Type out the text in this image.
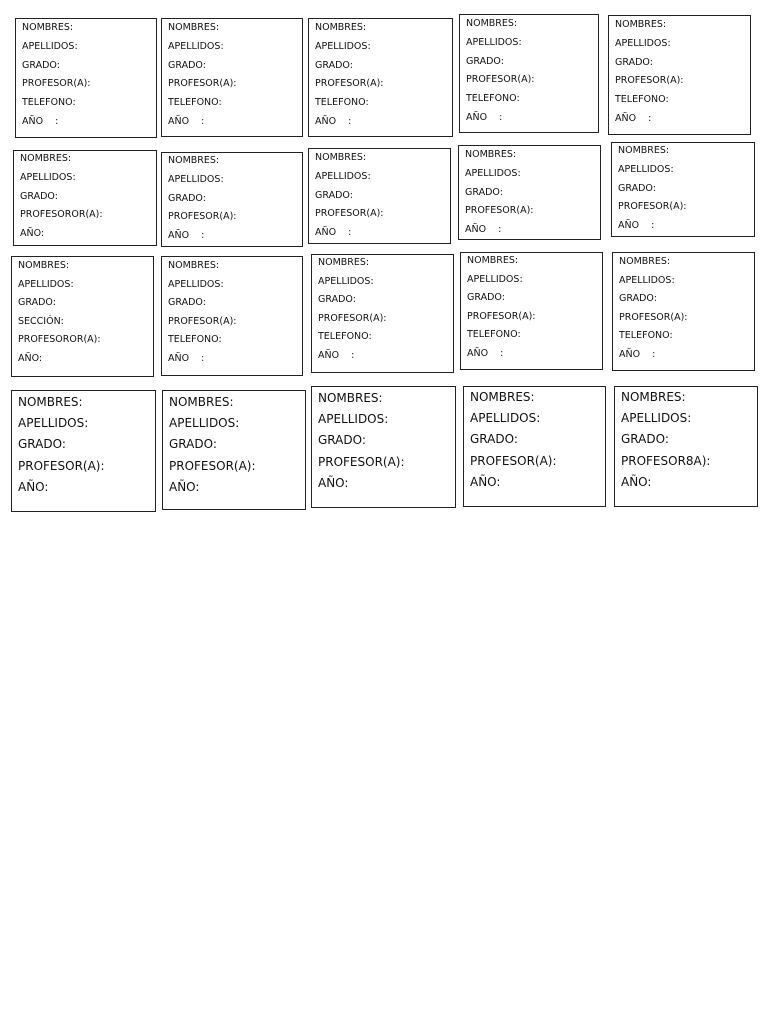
NOMBRES:
APELLIDOS:
GRADO:
PROFESOR(A):
TELEFONO:
AÑO    :
NOMBRES:
APELLIDOS:
GRADO:
PROFESOR(A):
TELEFONO:
AÑO    :
NOMBRES:
APELLIDOS:
GRADO:
PROFESOR(A):
TELEFONO:
AÑO    :
NOMBRES:
APELLIDOS:
GRADO:
PROFESOR(A):
TELEFONO:
AÑO    :
NOMBRES:
APELLIDOS:
GRADO:
PROFESOR(A):
TELEFONO:
AÑO    :
NOMBRES:
APELLIDOS:
GRADO:
PROFESOROR(A):
AÑO:
NOMBRES:
APELLIDOS:
GRADO:
PROFESOR(A):
AÑO    :
NOMBRES:
APELLIDOS:
GRADO:
PROFESOR(A):
AÑO    :
NOMBRES:
APELLIDOS:
GRADO:
PROFESOR(A):
AÑO    :
NOMBRES:
APELLIDOS:
GRADO:
PROFESOR(A):
AÑO    :
NOMBRES:
APELLIDOS:
GRADO:
SECCIÓN:
PROFESOROR(A):
AÑO:
NOMBRES:
APELLIDOS:
GRADO:
PROFESOR(A):
TELEFONO:
AÑO    :
NOMBRES:
APELLIDOS:
GRADO:
PROFESOR(A):
TELEFONO:
AÑO    :
NOMBRES:
APELLIDOS:
GRADO:
PROFESOR(A):
TELEFONO:
AÑO    :
NOMBRES:
APELLIDOS:
GRADO:
PROFESOR(A):
TELEFONO:
AÑO    :
NOMBRES:
APELLIDOS:
GRADO:
PROFESOR(A):
AÑO:
NOMBRES:
APELLIDOS:
GRADO:
PROFESOR(A):
AÑO:
NOMBRES:
APELLIDOS:
GRADO:
PROFESOR(A):
AÑO:
NOMBRES:
APELLIDOS:
GRADO:
PROFESOR(A):
AÑO:
NOMBRES:
APELLIDOS:
GRADO:
PROFESOR8A):
AÑO:
